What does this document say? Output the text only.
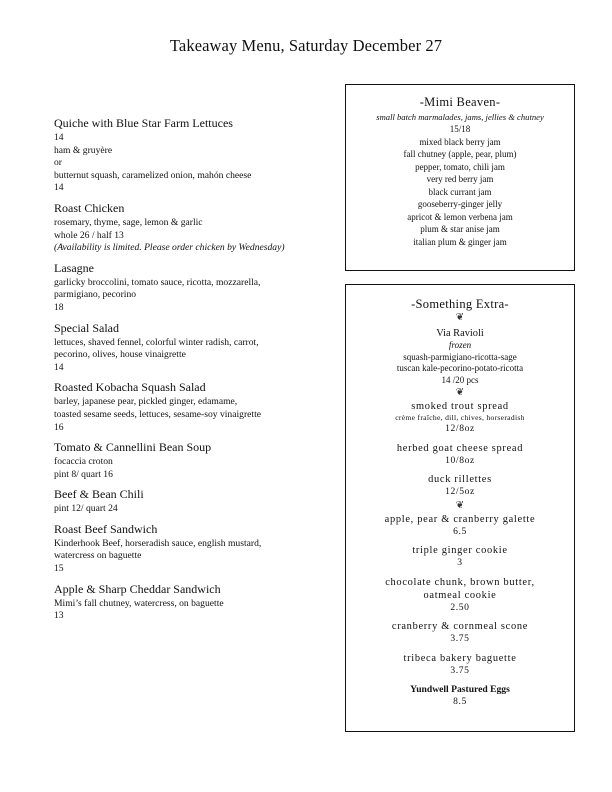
Takeaway Menu, Saturday December 27
Quiche with Blue Star Farm Lettuces
14
ham & gruyère
or
butternut squash, caramelized onion, mahón cheese
14
Roast Chicken
rosemary, thyme, sage, lemon & garlic
whole 26 / half 13
(Availability is limited. Please order chicken by Wednesday)
Lasagne
garlicky broccolini, tomato sauce, ricotta, mozzarella,
parmigiano, pecorino
18
Special Salad
lettuces, shaved fennel, colorful winter radish, carrot,
pecorino, olives, house vinaigrette
14
Roasted Kobacha Squash Salad
barley, japanese pear, pickled ginger, edamame,
toasted sesame seeds, lettuces, sesame-soy vinaigrette
16
Tomato & Cannellini Bean Soup
focaccia croton
pint 8/ quart 16
Beef & Bean Chili
pint 12/ quart 24
Roast Beef Sandwich
Kinderhook Beef, horseradish sauce, english mustard,
watercress on baguette
15
Apple & Sharp Cheddar Sandwich
Mimi’s fall chutney, watercress, on baguette
13
-Mimi Beaven-
small batch marmalades, jams, jellies & chutney
15/18
mixed black berry jam
fall chutney (apple, pear, plum)
pepper, tomato, chili jam
very red berry jam
black currant jam
gooseberry-ginger jelly
apricot & lemon verbena jam
plum & star anise jam
italian plum & ginger jam
-Something Extra-
❦
Via Ravioli
frozen
squash-parmigiano-ricotta-sage
tuscan kale-pecorino-potato-ricotta
14 /20 pcs
❦
smoked trout spread
crème fraîche, dill, chives, horseradish
12/8oz
herbed goat cheese spread
10/8oz
duck rillettes
12/5oz
❦
apple, pear & cranberry galette
6.5
triple ginger cookie
3
chocolate chunk, brown butter,
oatmeal cookie
2.50
cranberry & cornmeal scone
3.75
tribeca bakery baguette
3.75
Yundwell Pastured Eggs
8.5
